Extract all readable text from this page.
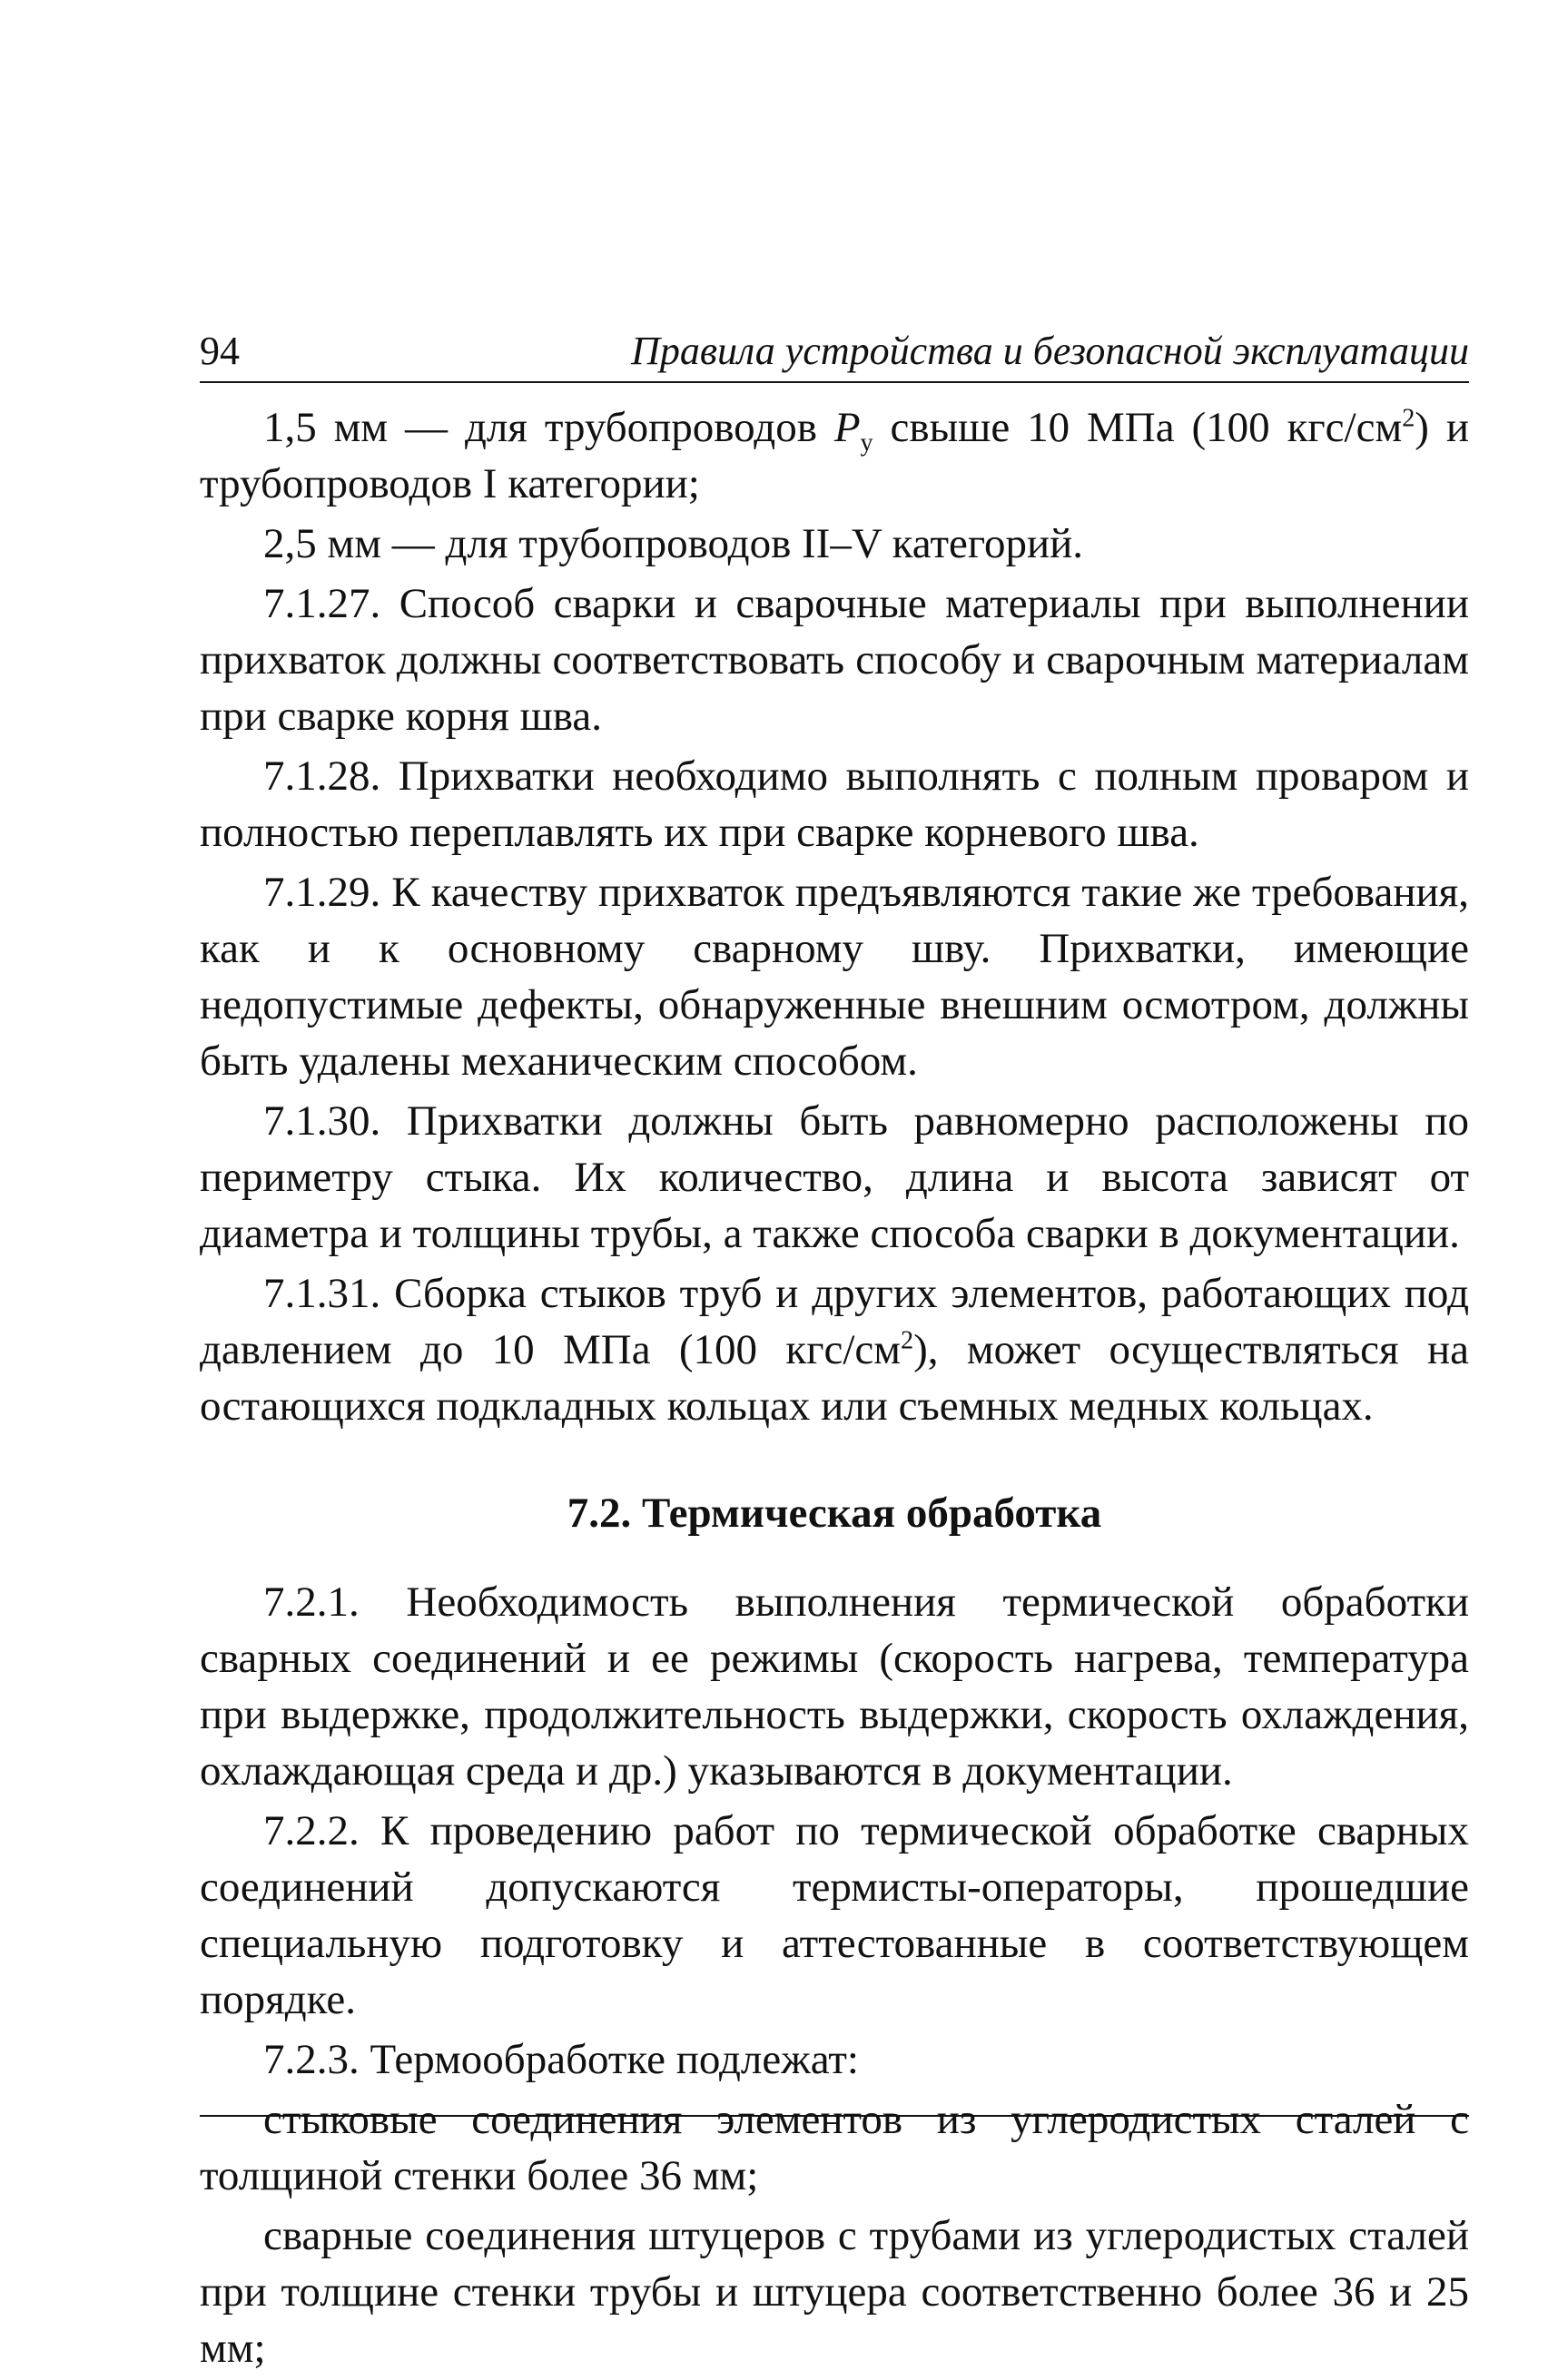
94	Правила устройства и безопасной эксплуатации

1,5 мм — для трубопроводов $P_у$ свыше 10 МПа (100 кгс/$см^2$) и трубопроводов I категории;

2,5 мм — для трубопроводов II–V категорий.

7.1.27. Способ сварки и сварочные материалы при выполнении прихваток должны соответствовать способу и сварочным материалам при сварке корня шва.

7.1.28. Прихватки необходимо выполнять с полным проваром и полностью переплавлять их при сварке корневого шва.

7.1.29. К качеству прихваток предъявляются такие же требования, как и к основному сварному шву. Прихватки, имеющие недопустимые дефекты, обнаруженные внешним осмотром, должны быть удалены механическим способом.

7.1.30. Прихватки должны быть равномерно расположены по периметру стыка. Их количество, длина и высота зависят от диаметра и толщины трубы, а также способа сварки в документации.

7.1.31. Сборка стыков труб и других элементов, работающих под давлением до 10 МПа (100 кгс/$см^2$), может осуществляться на остающихся подкладных кольцах или съемных медных кольцах.

7.2. Термическая обработка

7.2.1. Необходимость выполнения термической обработки сварных соединений и ее режимы (скорость нагрева, температура при выдержке, продолжительность выдержки, скорость охлаждения, охлаждающая среда и др.) указываются в документации.

7.2.2. К проведению работ по термической обработке сварных соединений допускаются термисты-операторы, прошедшие специальную подготовку и аттестованные в соответствующем порядке.

7.2.3. Термообработке подлежат:

стыковые соединения элементов из углеродистых сталей с толщиной стенки более 36 мм;

сварные соединения штуцеров с трубами из углеродистых сталей при толщине стенки трубы и штуцера соответственно более 36 и 25 мм;
